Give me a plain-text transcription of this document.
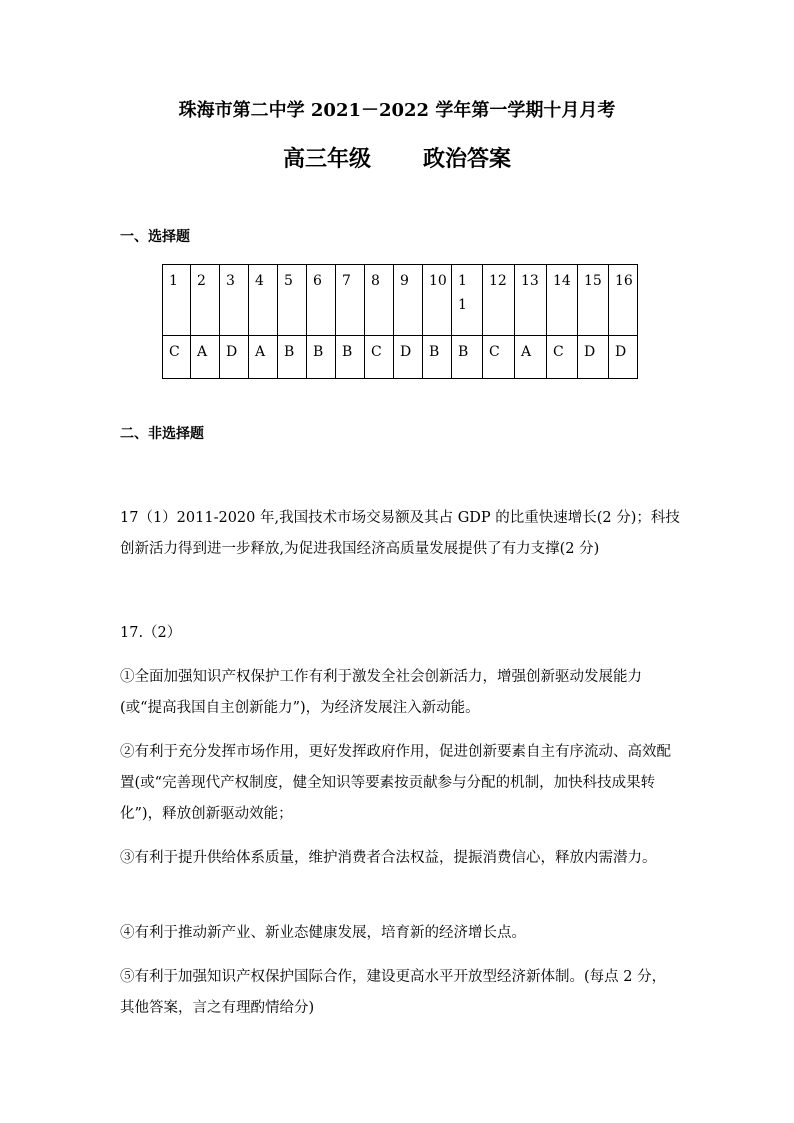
珠海市第二中学 2021－2022 学年第一学期十月月考
高三年级 政治答案
一、选择题
1	2	3	4	5	6	7	8	9	10	11	12	13	14	15	16

C	A	D	A	B	B	B	C	D	B	B	C	A	C	D	D
二、非选择题

17（1）2011-2020 年,我国技术市场交易额及其占 GDP 的比重快速增长(2 分)；科技创新活力得到进一步释放,为促进我国经济高质量发展提供了有力支撑(2 分)

17.（2）

①全面加强知识产权保护工作有利于激发全社会创新活力，增强创新驱动发展能力(或“提高我国自主创新能力”)，为经济发展注入新动能。

②有利于充分发挥市场作用，更好发挥政府作用，促进创新要素自主有序流动、高效配置(或“完善现代产权制度，健全知识等要素按贡献参与分配的机制，加快科技成果转化”)，释放创新驱动效能；

③有利于提升供给体系质量，维护消费者合法权益，提振消费信心，释放内需潜力。

④有利于推动新产业、新业态健康发展，培育新的经济增长点。

⑤有利于加强知识产权保护国际合作，建设更高水平开放型经济新体制。(每点 2 分，其他答案，言之有理酌情给分)
